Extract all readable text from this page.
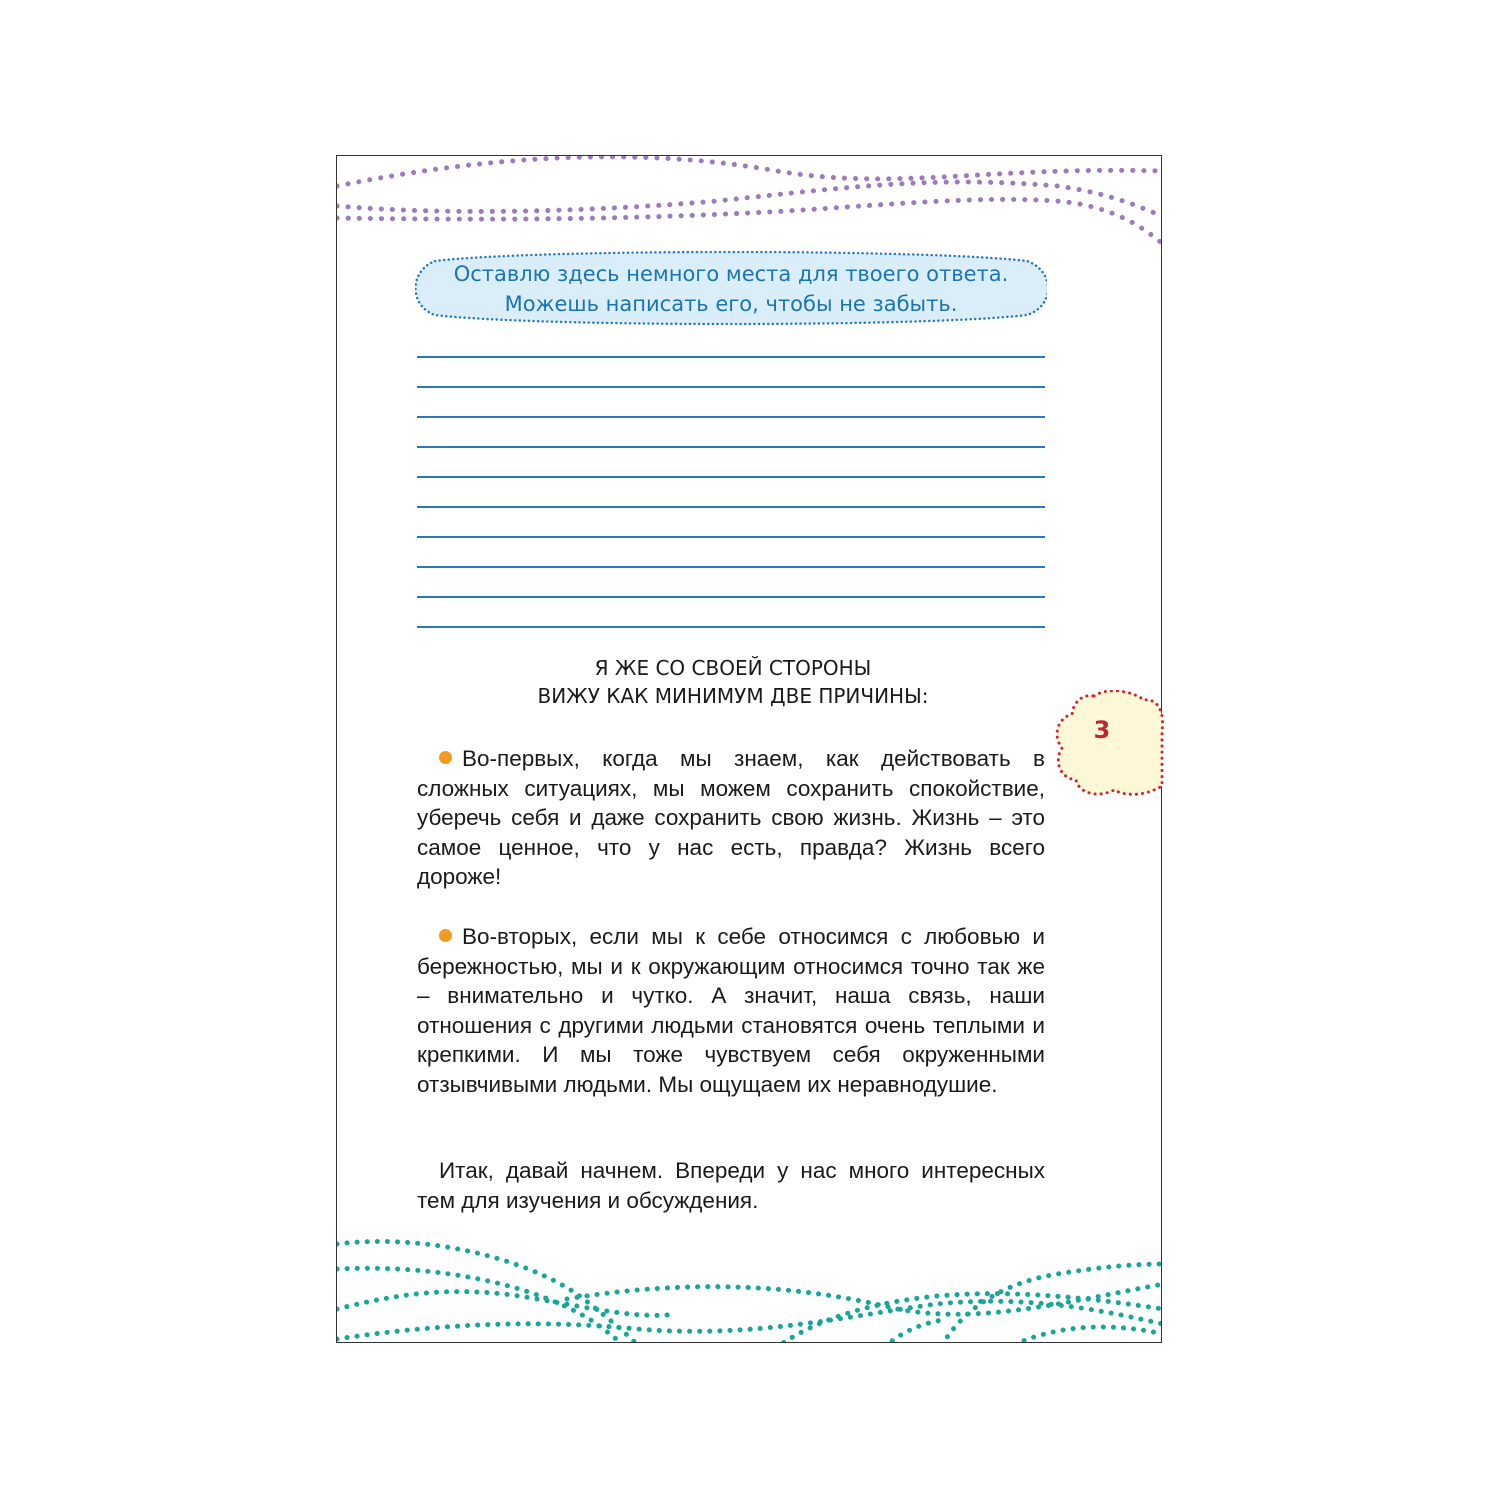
Оставлю здесь немного места для твоего ответа.
Можешь написать его, чтобы не забыть.
Я ЖЕ СО СВОЕЙ СТОРОНЫ
ВИЖУ КАК МИНИМУМ ДВЕ ПРИЧИНЫ:

Во-первых, когда мы знаем, как действовать в сложных ситуациях, мы можем сохранить спокойствие, уберечь себя и даже сохранить свою жизнь. Жизнь – это самое ценное, что у нас есть, правда? Жизнь всего дороже!

Во-вторых, если мы к себе относимся с любовью и бережностью, мы и к окружающим относимся точно так же – внимательно и чутко. А значит, наша связь, наши отношения с другими людьми становятся очень теплыми и крепкими. И мы тоже чувствуем себя окруженными отзывчивыми людьми. Мы ощущаем их неравнодушие.

Итак, давай начнем. Впереди у нас много интересных тем для изучения и обсуждения.

3
